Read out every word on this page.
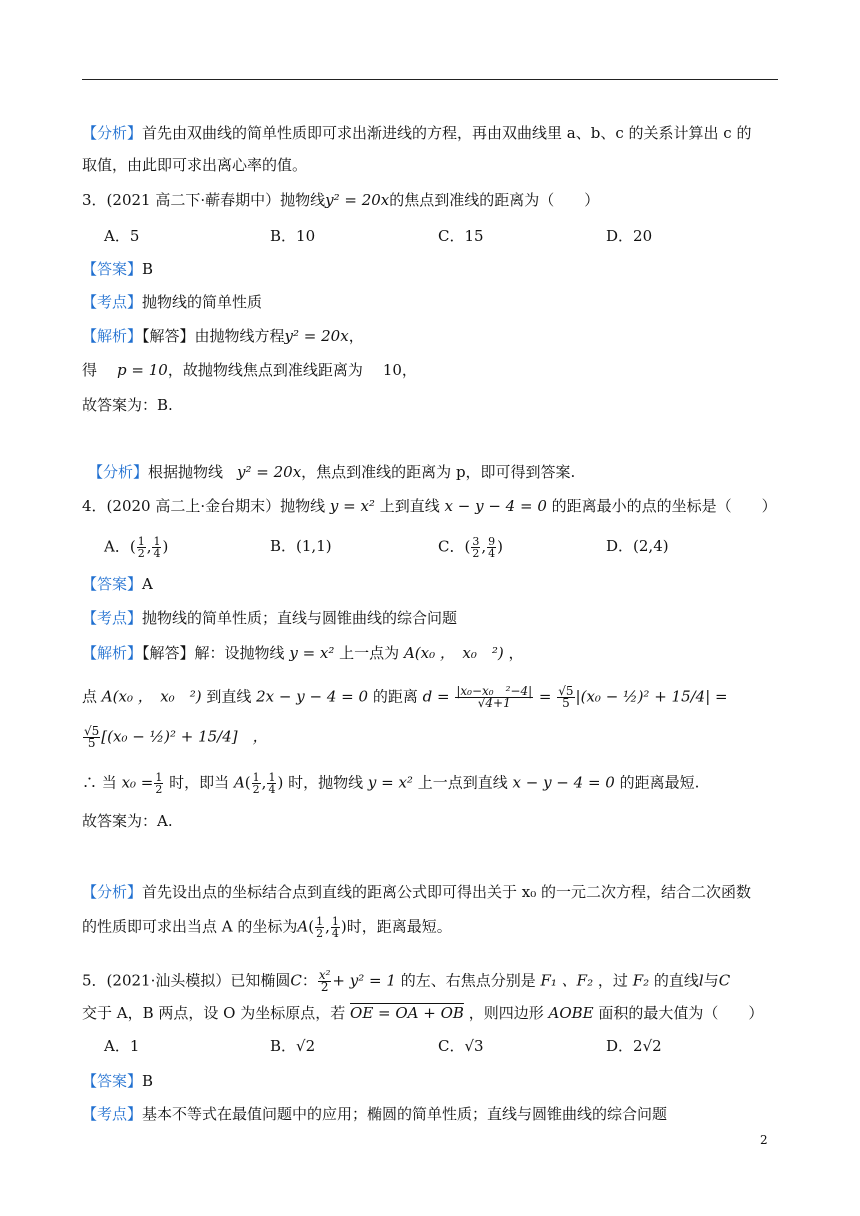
【分析】首先由双曲线的简单性质即可求出渐进线的方程，再由双曲线里 a、b、c 的关系计算出 c 的
取值，由此即可求出离心率的值。
3．(2021 高二下·蕲春期中）抛物线y² = 20x的焦点到准线的距离为（　　）
A．5	B．10	C．15	D．20
【答案】B
【考点】抛物线的简单性质
【解析】【解答】由抛物线方程y² = 20x，
得 p = 10，故抛物线焦点到准线距离为 10，
故答案为：B.
【分析】根据抛物线 y² = 20x，焦点到准线的距离为 p，即可得到答案.
4．(2020 高二上·金台期末）抛物线 y = x² 上到直线 x − y − 4 = 0 的距离最小的点的坐标是（　　）
A．( $\frac{1}{2}$ , $\frac{1}{4}$ )	B．(1,1)	C．( $\frac{3}{2}$ , $\frac{9}{4}$ )	D．(2,4)
【答案】A
【考点】抛物线的简单性质；直线与圆锥曲线的综合问题
【解析】【解答】解：设抛物线 y = x² 上一点为 A(x₀ ，　x₀　²) ，
点 A(x₀ ，　x₀　²) 到直线 2x − y − 4 = 0 的距离 $d = \frac{\text{|x₀−x₀　²−4|}}{√4+1} = \frac{√5}{5} |(x_0$ − ½)² + 15/4| =
$\frac{√5}{5} [(x_0$ − ½)² + 15/4]　，
∴ 当 $x_0 = \frac{1}{2}$ 时，即当 $A( \frac{1}{2}$ , $\frac{1}{4}$ ) 时，抛物线 y = x² 上一点到直线 x − y − 4 = 0 的距离最短.
故答案为：A.
【分析】首先设出点的坐标结合点到直线的距离公式即可得出关于 x₀ 的一元二次方程，结合二次函数
的性质即可求出当点 A 的坐标为$A( \frac{1}{2}$ , $\frac{1}{4}$ )时，距离最短。
5．(2021·汕头模拟）已知椭圆C： $\frac{\text{x²}}{2} + y^2 = 1$ 的左、右焦点分别是 F₁ 、F₂ ，过 F₂ 的直线l与C
交于 A，B 两点，设 O 为坐标原点，若 OE = OA + OB ，则四边形 AOBE 面积的最大值为（　　）
A．1	B．√2	C．√3	D．2√2
【答案】B
【考点】基本不等式在最值问题中的应用；椭圆的简单性质；直线与圆锥曲线的综合问题
2
